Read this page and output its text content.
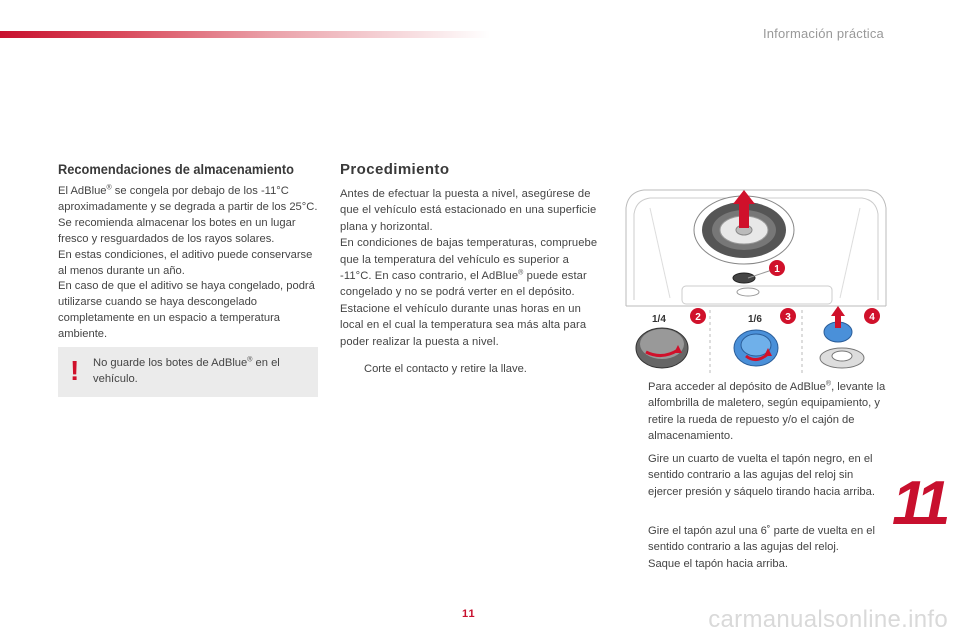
Información práctica
Recomendaciones de almacenamiento
El AdBlue® se congela por debajo de los -11°C aproximadamente y se degrada a partir de los 25°C. Se recomienda almacenar los botes en un lugar fresco y resguardados de los rayos solares.
En estas condiciones, el aditivo puede conservarse al menos durante un año.
En caso de que el aditivo se haya congelado, podrá utilizarse cuando se haya descongelado completamente en un espacio a temperatura ambiente.
! No guarde los botes de AdBlue® en el vehículo.
Procedimiento
Antes de efectuar la puesta a nivel, asegúrese de que el vehículo está estacionado en una superficie plana y horizontal.
En condiciones de bajas temperaturas, compruebe que la temperatura del vehículo es superior a -11°C. En caso contrario, el AdBlue® puede estar congelado y no se podrá verter en el depósito. Estacione el vehículo durante unas horas en un local en el cual la temperatura sea más alta para poder realizar la puesta a nivel.
Corte el contacto y retire la llave.
1
1/4	2	1/6 3	4
Para acceder al depósito de AdBlue®, levante la alfombrilla de maletero, según equipamiento, y retire la rueda de repuesto y/o el cajón de almacenamiento.
Gire un cuarto de vuelta el tapón negro, en el sentido contrario a las agujas del reloj sin ejercer presión y sáquelo tirando hacia arriba.
Gire el tapón azul una 6˚ parte de vuelta en el sentido contrario a las agujas del reloj.
Saque el tapón hacia arriba.
11
11	carmanualsonline.info
